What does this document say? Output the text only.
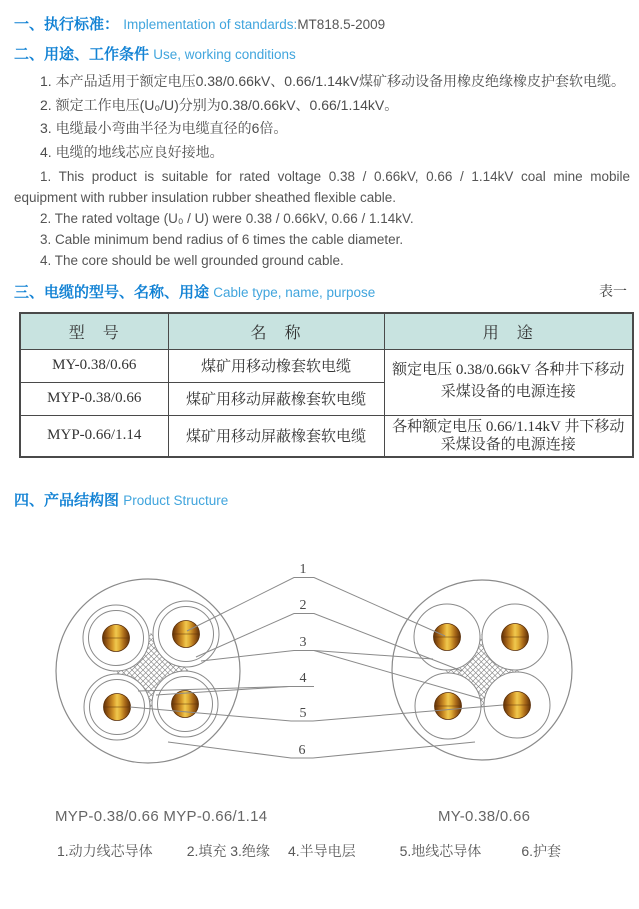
一、执行标准： Implementation of standards:MT818.5-2009
二、用途、工作条件 Use, working conditions

1. 本产品适用于额定电压0.38/0.66kV、0.66/1.14kV煤矿移动设备用橡皮绝缘橡皮护套软电缆。

2. 额定工作电压(U₀/U)分别为0.38/0.66kV、0.66/1.14kV。

3. 电缆最小弯曲半径为电缆直径的6倍。

4. 电缆的地线芯应良好接地。

1. This product is suitable for rated voltage 0.38 / 0.66kV, 0.66 / 1.14kV coal mine mobile equipment with rubber insulation rubber sheathed flexible cable.

2. The rated voltage (U₀ / U) were 0.38 / 0.66kV, 0.66 / 1.14kV.

3. Cable minimum bend radius of 6 times the cable diameter.

4. The core should be well grounded ground cable.

表一
三、电缆的型号、名称、用途 Cable type, name, purpose
型　号	名　称	用　途
MY-0.38/0.66	煤矿用移动橡套软电缆	额定电压 0.38/0.66kV 各种井下移动采煤设备的电源连接
MYP-0.38/0.66	煤矿用移动屏蔽橡套软电缆	
MYP-0.66/1.14	煤矿用移动屏蔽橡套软电缆	各种额定电压 0.66/1.14kV 井下移动采煤设备的电源连接
四、产品结构图 Product Structure
1
2
3
4
5
6
MYP-0.38/0.66 MYP-0.66/1.14	MY-0.38/0.66
1.动力线芯导体 2.填充 3.绝缘 4.半导电层	5.地线芯导体	6.护套
